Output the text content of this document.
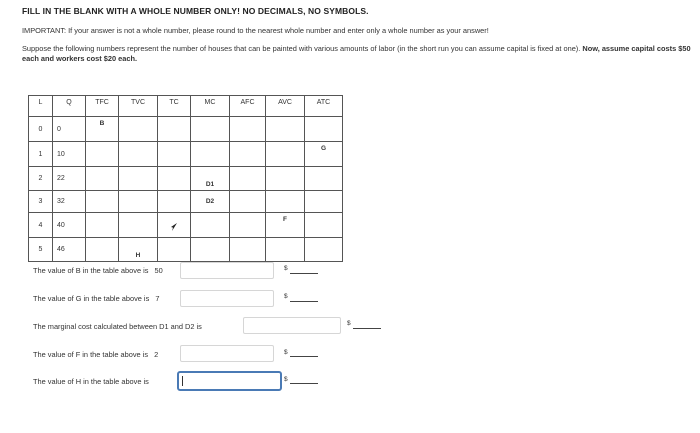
FILL IN THE BLANK WITH A WHOLE NUMBER ONLY! NO DECIMALS, NO SYMBOLS.
IMPORTANT: If your answer is not a whole number, please round to the nearest whole number and enter only a whole number as your answer!
Suppose the following numbers represent the number of houses that can be painted with various amounts of labor (in the short run you can assume capital is fixed at one). Now, assume capital costs $50 each and workers cost $20 each.
L	Q	TFC	TVC	TC	MC	AFC	AVC	ATC
0	0	B						
1	10							G
2	22				D1			
3	32				D2			
4	40						F	
5	46		H					
The value of B in the table above is 50	$
The value of G in the table above is 7	$
The marginal cost calculated between D1 and D2 is	$
The value of F in the table above is 2	$
The value of H in the table above is	$
